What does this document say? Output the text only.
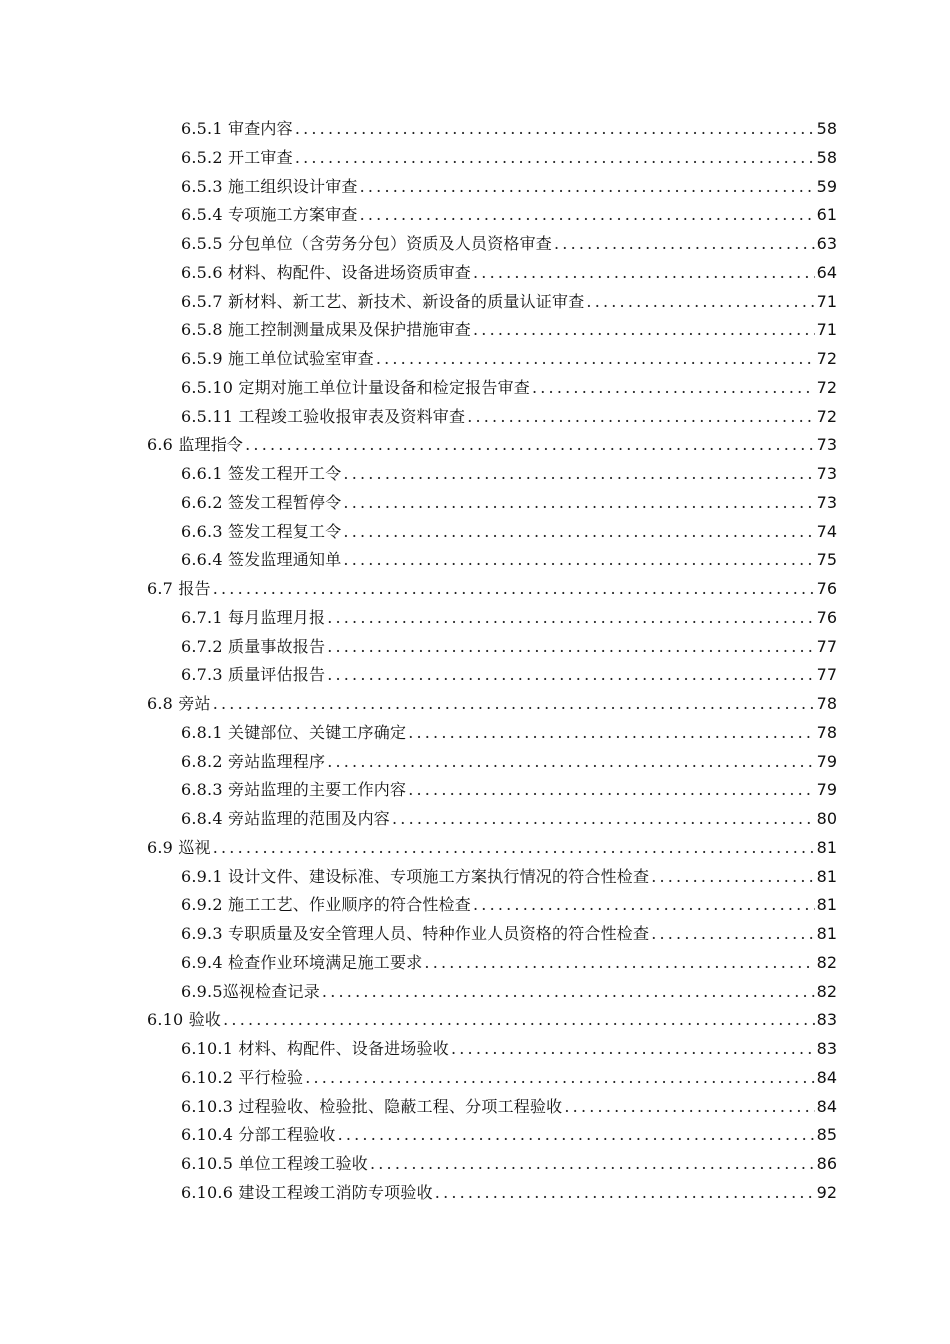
6.5.1 审查内容 .....	58
6.5.2 开工审查 .....	58
6.5.3 施工组织设计审查 .....	59
6.5.4 专项施工方案审查 .....	61
6.5.5 分包单位（含劳务分包）资质及人员资格审查 .....	63
6.5.6 材料、构配件、设备进场资质审查 .....	64
6.5.7 新材料、新工艺、新技术、新设备的质量认证审查 .....	71
6.5.8 施工控制测量成果及保护措施审查 .....	71
6.5.9 施工单位试验室审查 .....	72
6.5.10 定期对施工单位计量设备和检定报告审查 .....	72
6.5.11 工程竣工验收报审表及资料审查 .....	72
6.6 监理指令 .....	73
6.6.1 签发工程开工令 .....	73
6.6.2 签发工程暂停令 .....	73
6.6.3 签发工程复工令 .....	74
6.6.4 签发监理通知单 .....	75
6.7 报告 .....	76
6.7.1 每月监理月报 .....	76
6.7.2 质量事故报告 .....	77
6.7.3 质量评估报告 .....	77
6.8 旁站 .....	78
6.8.1 关键部位、关键工序确定 .....	78
6.8.2 旁站监理程序 .....	79
6.8.3 旁站监理的主要工作内容 .....	79
6.8.4 旁站监理的范围及内容 .....	80
6.9 巡视 .....	81
6.9.1 设计文件、建设标准、专项施工方案执行情况的符合性检查 .....	81
6.9.2 施工工艺、作业顺序的符合性检查 .....	81
6.9.3 专职质量及安全管理人员、特种作业人员资格的符合性检查 .....	81
6.9.4 检查作业环境满足施工要求 .....	82
6.9.5巡视检查记录 .....	82
6.10 验收 .....	83
6.10.1 材料、构配件、设备进场验收 .....	83
6.10.2 平行检验 .....	84
6.10.3 过程验收、检验批、隐蔽工程、分项工程验收 .....	84
6.10.4 分部工程验收 .....	85
6.10.5 单位工程竣工验收 .....	86
6.10.6 建设工程竣工消防专项验收 .....	92
